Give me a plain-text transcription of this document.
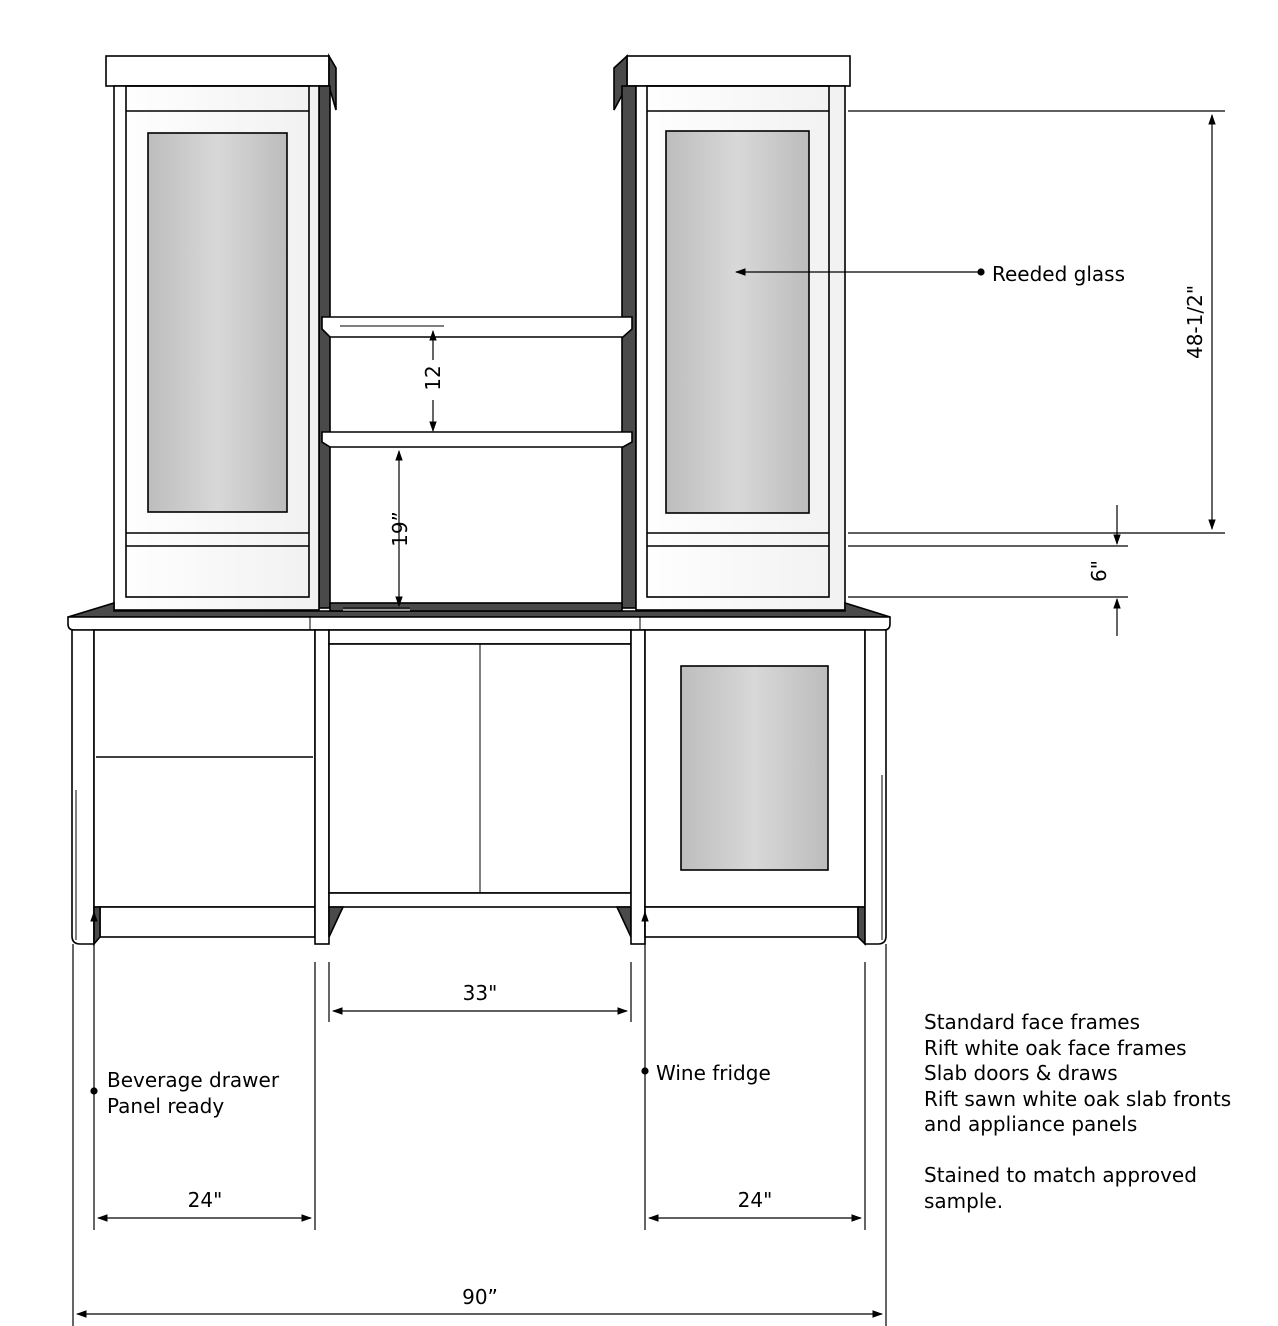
Reeded glass
Beverage drawer
Panel ready
Wine fridge
48-1/2"
6"
12
19”
33"
24"	24"
90”
Standard face frames
Rift white oak face frames
Slab doors & draws
Rift sawn white oak slab fronts
and appliance panels
Stained to match approved
sample.
